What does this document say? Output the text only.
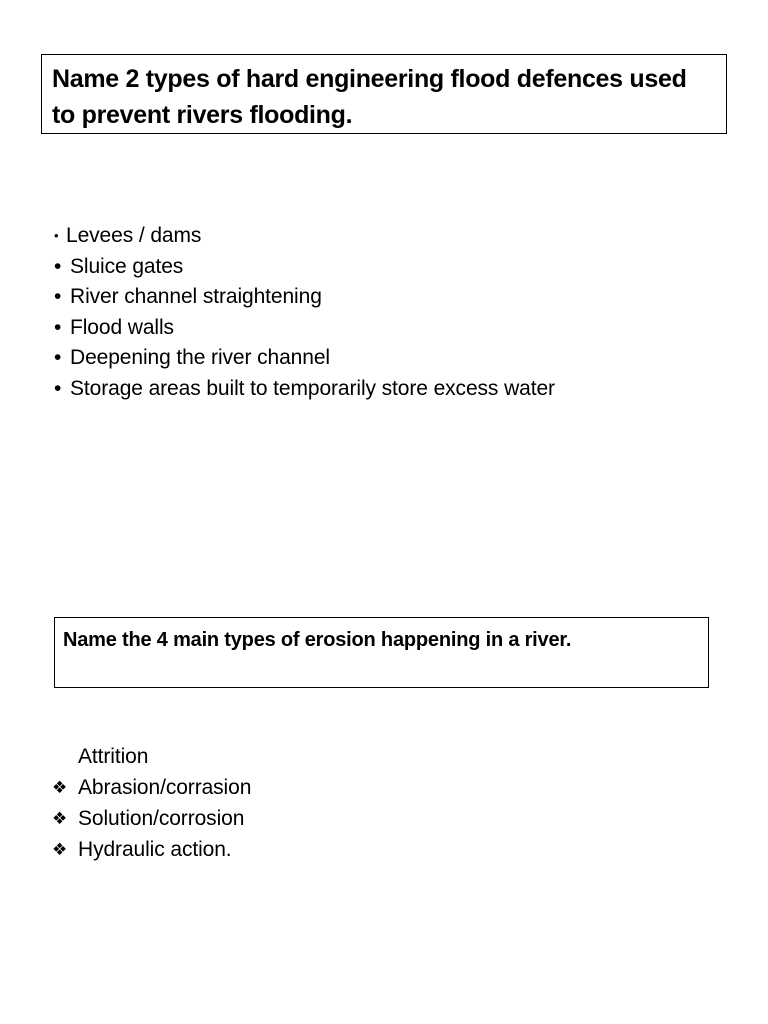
Name 2 types of hard engineering flood defences used to prevent rivers flooding.
• Levees / dams
• Sluice gates
• River channel straightening
• Flood walls
• Deepening the river channel
• Storage areas built to temporarily store excess water
Name the 4 main types of erosion happening in a river.
Attrition
❖ Abrasion/corrasion
❖ Solution/corrosion
❖ Hydraulic action.
